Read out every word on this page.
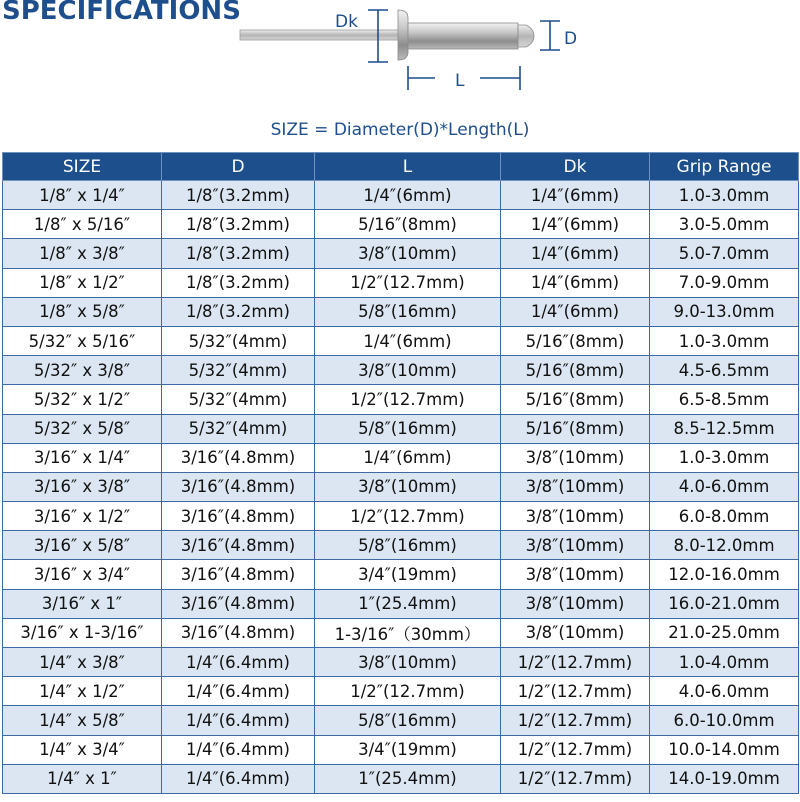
SPECIFICATIONS	Dk
D
L
SIZE = Diameter(D)*Length(L)
SIZE	D	L	Dk	Grip Range
1/8″ x 1/4″	1/8″(3.2mm)	1/4″(6mm)	1/4″(6mm)	1.0-3.0mm
1/8″ x 5/16″	1/8″(3.2mm)	5/16″(8mm)	1/4″(6mm)	3.0-5.0mm
1/8″ x 3/8″	1/8″(3.2mm)	3/8″(10mm)	1/4″(6mm)	5.0-7.0mm
1/8″ x 1/2″	1/8″(3.2mm)	1/2″(12.7mm)	1/4″(6mm)	7.0-9.0mm
1/8″ x 5/8″	1/8″(3.2mm)	5/8″(16mm)	1/4″(6mm)	9.0-13.0mm
5/32″ x 5/16″	5/32″(4mm)	1/4″(6mm)	5/16″(8mm)	1.0-3.0mm
5/32″ x 3/8″	5/32″(4mm)	3/8″(10mm)	5/16″(8mm)	4.5-6.5mm
5/32″ x 1/2″	5/32″(4mm)	1/2″(12.7mm)	5/16″(8mm)	6.5-8.5mm
5/32″ x 5/8″	5/32″(4mm)	5/8″(16mm)	5/16″(8mm)	8.5-12.5mm
3/16″ x 1/4″	3/16″(4.8mm)	1/4″(6mm)	3/8″(10mm)	1.0-3.0mm
3/16″ x 3/8″	3/16″(4.8mm)	3/8″(10mm)	3/8″(10mm)	4.0-6.0mm
3/16″ x 1/2″	3/16″(4.8mm)	1/2″(12.7mm)	3/8″(10mm)	6.0-8.0mm
3/16″ x 5/8″	3/16″(4.8mm)	5/8″(16mm)	3/8″(10mm)	8.0-12.0mm
3/16″ x 3/4″	3/16″(4.8mm)	3/4″(19mm)	3/8″(10mm)	12.0-16.0mm
3/16″ x 1″	3/16″(4.8mm)	1″(25.4mm)	3/8″(10mm)	16.0-21.0mm
3/16″ x 1-3/16″	3/16″(4.8mm)	1-3/16″（30mm）	3/8″(10mm)	21.0-25.0mm
1/4″ x 3/8″	1/4″(6.4mm)	3/8″(10mm)	1/2″(12.7mm)	1.0-4.0mm
1/4″ x 1/2″	1/4″(6.4mm)	1/2″(12.7mm)	1/2″(12.7mm)	4.0-6.0mm
1/4″ x 5/8″	1/4″(6.4mm)	5/8″(16mm)	1/2″(12.7mm)	6.0-10.0mm
1/4″ x 3/4″	1/4″(6.4mm)	3/4″(19mm)	1/2″(12.7mm)	10.0-14.0mm
1/4″ x 1″	1/4″(6.4mm)	1″(25.4mm)	1/2″(12.7mm)	14.0-19.0mm
